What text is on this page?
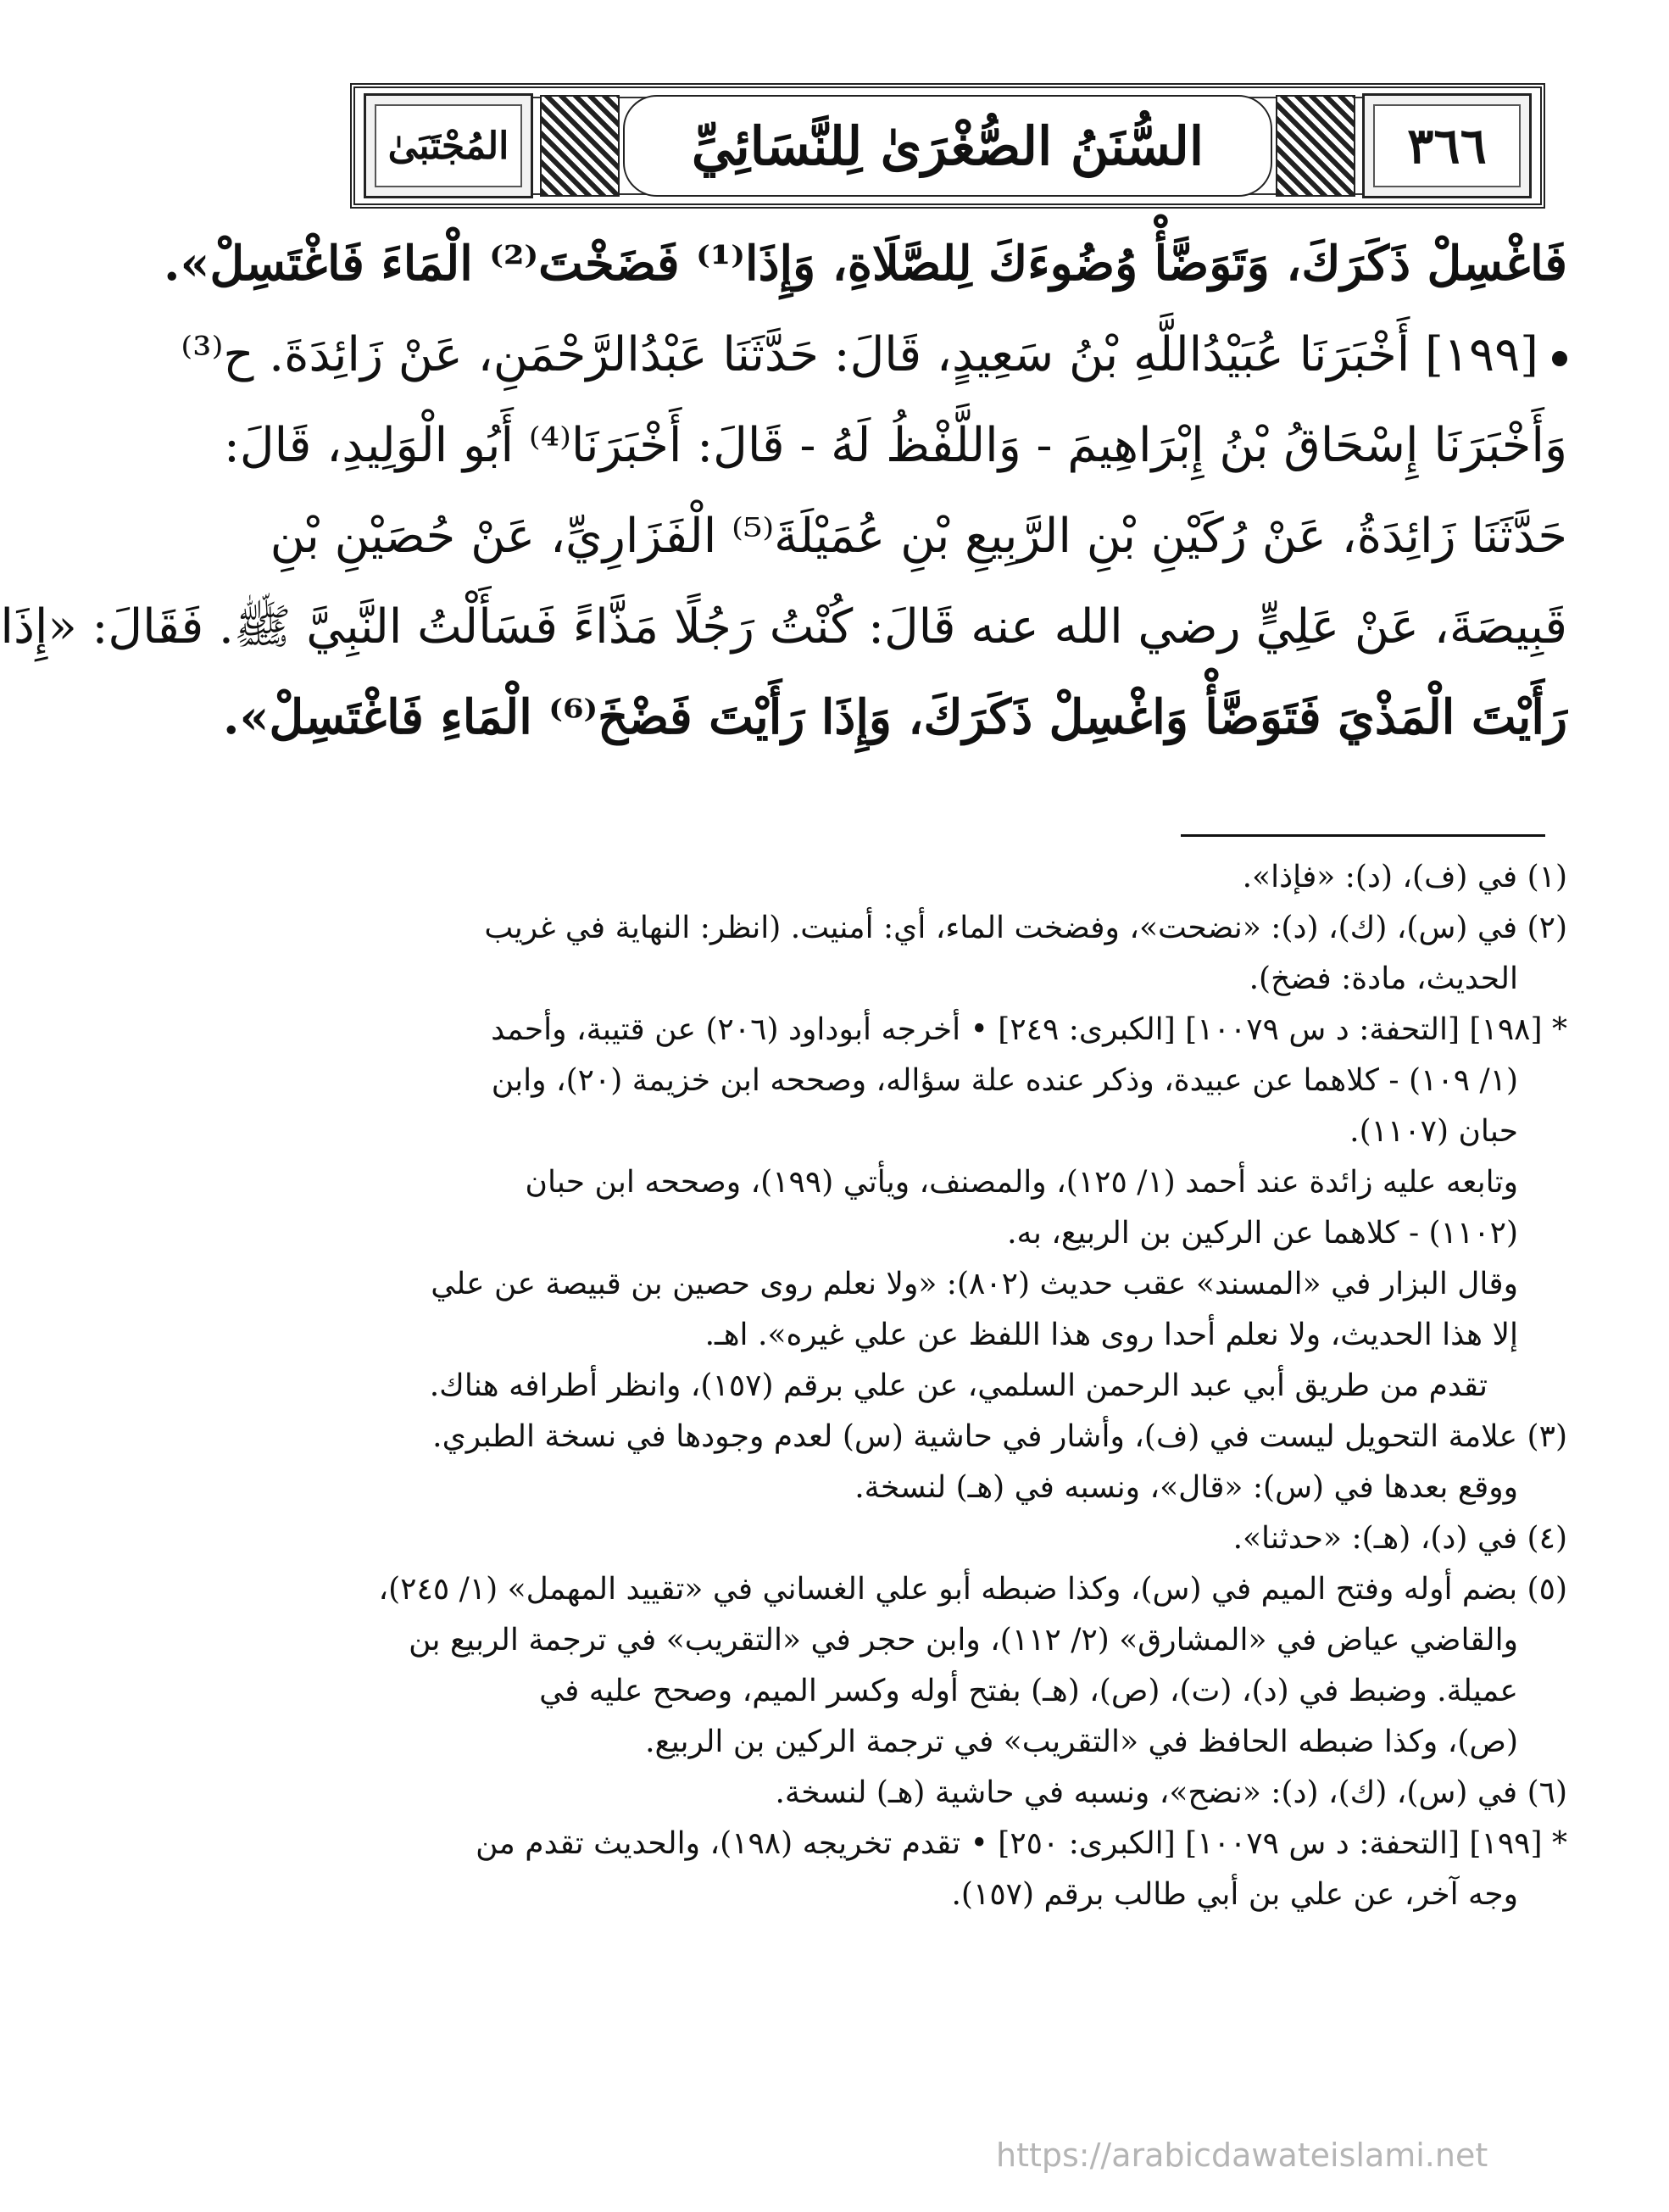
٣٦٦
السُّنَنُ الصُّغْرَىٰ لِلنَّسَائِيِّ
المُجْتَبَىٰ
فَاغْسِلْ ذَكَرَكَ، وَتَوَضَّأْ وُضُوءَكَ لِلصَّلَاةِ، وَإِذَا⁽¹⁾ فَضَخْتَ⁽²⁾ الْمَاءَ فَاغْتَسِلْ».
[١٩٩] أَخْبَرَنَا عُبَيْدُاللَّهِ بْنُ سَعِيدٍ، قَالَ: حَدَّثَنَا عَبْدُالرَّحْمَنِ، عَنْ زَائِدَةَ. ح⁽³⁾
وَأَخْبَرَنَا إِسْحَاقُ بْنُ إِبْرَاهِيمَ - وَاللَّفْظُ لَهُ - قَالَ: أَخْبَرَنَا⁽⁴⁾ أَبُو الْوَلِيدِ، قَالَ:
حَدَّثَنَا زَائِدَةُ، عَنْ رُكَيْنِ بْنِ الرَّبِيعِ بْنِ عُمَيْلَةَ⁽⁵⁾ الْفَزَارِيِّ، عَنْ حُصَيْنِ بْنِ
قَبِيصَةَ، عَنْ عَلِيٍّ رضي الله عنه قَالَ: كُنْتُ رَجُلًا مَذَّاءً فَسَأَلْتُ النَّبِيَّ ﷺ. فَقَالَ: «إِذَا
رَأَيْتَ الْمَذْيَ فَتَوَضَّأْ وَاغْسِلْ ذَكَرَكَ، وَإِذَا رَأَيْتَ فَضْخَ⁽⁶⁾ الْمَاءِ فَاغْتَسِلْ».
(١) في (ف)، (د): «فإذا».
(٢) في (س)، (ك)، (د): «نضحت»، وفضخت الماء، أي: أمنيت. (انظر: النهاية في غريب
الحديث، مادة: فضخ).
* [١٩٨] [التحفة: د س ١٠٠٧٩] [الكبرى: ٢٤٩] • أخرجه أبوداود (٢٠٦) عن قتيبة، وأحمد
(١/ ١٠٩) - كلاهما عن عبيدة، وذكر عنده علة سؤاله، وصححه ابن خزيمة (٢٠)، وابن
حبان (١١٠٧).
وتابعه عليه زائدة عند أحمد (١/ ١٢٥)، والمصنف، ويأتي (١٩٩)، وصححه ابن حبان
(١١٠٢) - كلاهما عن الركين بن الربيع، به.
وقال البزار في «المسند» عقب حديث (٨٠٢): «ولا نعلم روى حصين بن قبيصة عن علي
إلا هذا الحديث، ولا نعلم أحدا روى هذا اللفظ عن علي غيره». اهـ.
تقدم من طريق أبي عبد الرحمن السلمي، عن علي برقم (١٥٧)، وانظر أطرافه هناك.
(٣) علامة التحويل ليست في (ف)، وأشار في حاشية (س) لعدم وجودها في نسخة الطبري.
ووقع بعدها في (س): «قال»، ونسبه في (هـ) لنسخة.
(٤) في (د)، (هـ): «حدثنا».
(٥) بضم أوله وفتح الميم في (س)، وكذا ضبطه أبو علي الغساني في «تقييد المهمل» (١/ ٢٤٥)،
والقاضي عياض في «المشارق» (٢/ ١١٢)، وابن حجر في «التقريب» في ترجمة الربيع بن
عميلة. وضبط في (د)، (ت)، (ص)، (هـ) بفتح أوله وكسر الميم، وصحح عليه في
(ص)، وكذا ضبطه الحافظ في «التقريب» في ترجمة الركين بن الربيع.
(٦) في (س)، (ك)، (د): «نضح»، ونسبه في حاشية (هـ) لنسخة.
* [١٩٩] [التحفة: د س ١٠٠٧٩] [الكبرى: ٢٥٠] • تقدم تخريجه (١٩٨)، والحديث تقدم من
وجه آخر، عن علي بن أبي طالب برقم (١٥٧).
https://arabicdawateislami.net
